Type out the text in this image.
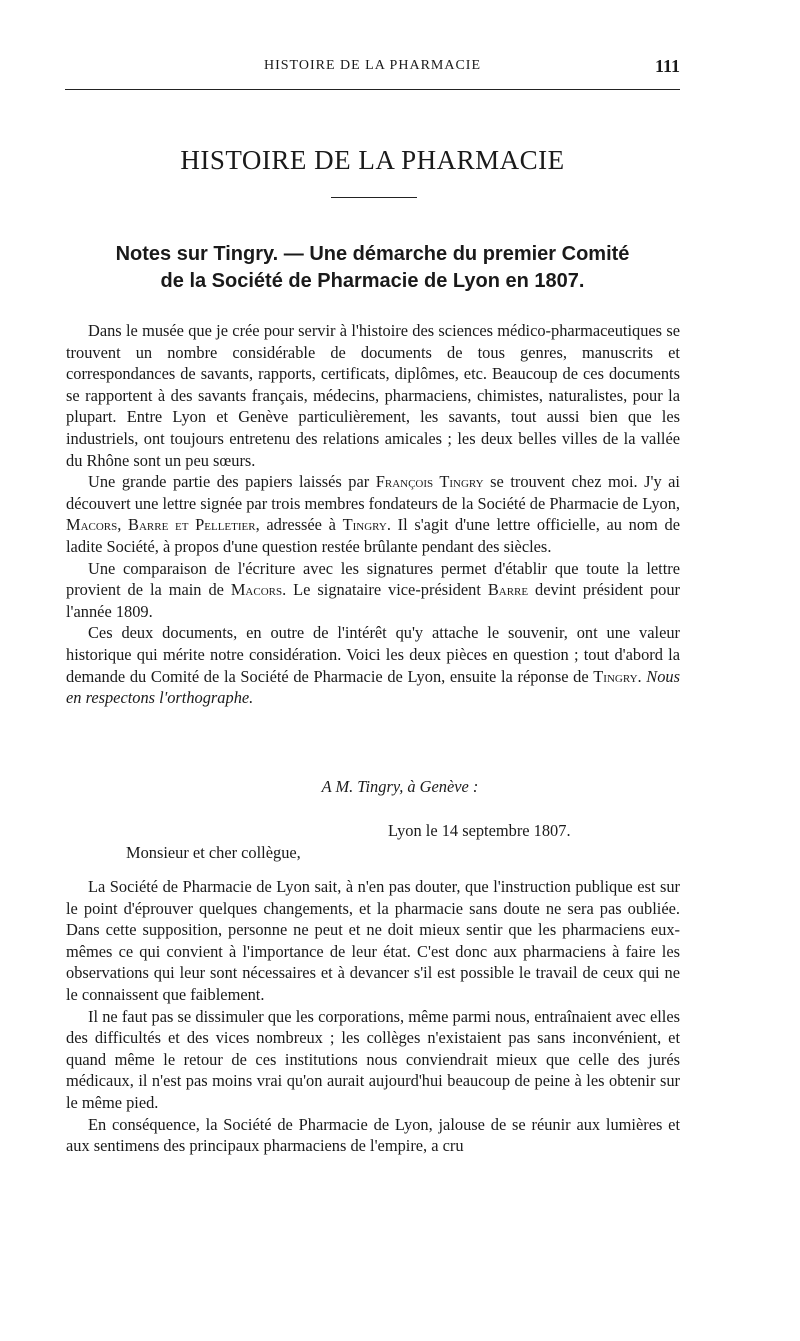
HISTOIRE DE LA PHARMACIE	111
HISTOIRE DE LA PHARMACIE
Notes sur Tingry. — Une démarche du premier Comité
de la Société de Pharmacie de Lyon en 1807.

Dans le musée que je crée pour servir à l'histoire des sciences médico-pharmaceutiques se trouvent un nombre considérable de documents de tous genres, manuscrits et correspondances de savants, rapports, certificats, diplômes, etc. Beaucoup de ces documents se rapportent à des savants français, médecins, pharmaciens, chimistes, naturalistes, pour la plupart. Entre Lyon et Genève particulièrement, les savants, tout aussi bien que les industriels, ont toujours entretenu des relations amicales ; les deux belles villes de la vallée du Rhône sont un peu sœurs.

Une grande partie des papiers laissés par François Tingry se trouvent chez moi. J'y ai découvert une lettre signée par trois membres fondateurs de la Société de Pharmacie de Lyon, Macors, Barre et Pelletier, adressée à Tingry. Il s'agit d'une lettre officielle, au nom de ladite Société, à propos d'une question restée brûlante pendant des siècles.

Une comparaison de l'écriture avec les signatures permet d'établir que toute la lettre provient de la main de Macors. Le signataire vice-président Barre devint président pour l'année 1809.

Ces deux documents, en outre de l'intérêt qu'y attache le souvenir, ont une valeur historique qui mérite notre considération. Voici les deux pièces en question ; tout d'abord la demande du Comité de la Société de Pharmacie de Lyon, ensuite la réponse de Tingry. Nous en respectons l'orthographe.

A M. Tingry, à Genève :
Lyon le 14 septembre 1807.
Monsieur et cher collègue,

La Société de Pharmacie de Lyon sait, à n'en pas douter, que l'instruction publique est sur le point d'éprouver quelques changements, et la pharmacie sans doute ne sera pas oubliée. Dans cette supposition, personne ne peut et ne doit mieux sentir que les pharmaciens eux-mêmes ce qui convient à l'importance de leur état. C'est donc aux pharmaciens à faire les observations qui leur sont nécessaires et à devancer s'il est possible le travail de ceux qui ne le connaissent que faiblement.

Il ne faut pas se dissimuler que les corporations, même parmi nous, entraînaient avec elles des difficultés et des vices nombreux ; les collèges n'existaient pas sans inconvénient, et quand même le retour de ces institutions nous conviendrait mieux que celle des jurés médicaux, il n'est pas moins vrai qu'on aurait aujourd'hui beaucoup de peine à les obtenir sur le même pied.

En conséquence, la Société de Pharmacie de Lyon, jalouse de se réunir aux lumières et aux sentimens des principaux pharmaciens de l'empire, a cru
